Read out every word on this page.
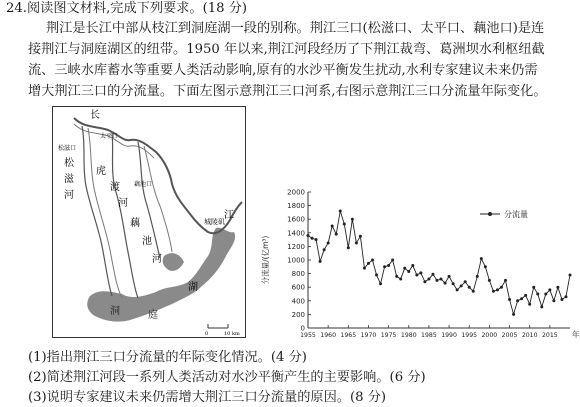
24.阅读图文材料,完成下列要求。(18 分)
荆江是长江中部从枝江到洞庭湖一段的别称。荆江三口(松滋口、太平口、藕池口)是连
接荆江与洞庭湖区的纽带。1950 年以来,荆江河段经历了下荆江裁弯、葛洲坝水利枢纽截
流、三峡水库蓄水等重要人类活动影响,原有的水沙平衡发生扰动,水利专家建议未来仍需
增大荆江三口的分流量。下面左图示意荆江三口河系,右图示意荆江三口分流量年际变化。
长
江
松滋口
太平口
藕池口
松
滋
河
虎
渡
河
藕
池
河
城陵矶
湖
洞	庭
0	10 km
0
200
400
600
800
1000
1200
1400
1600
1800
2000
1955 1960 1965 1970 1975 1980 1985 1990 1995 2000 2005 2010 2015 年
分流量/(亿m³)
分流量
(1)指出荆江三口分流量的年际变化情况。(4 分)
(2)简述荆江河段一系列人类活动对水沙平衡产生的主要影响。(6 分)
(3)说明专家建议未来仍需增大荆江三口分流量的原因。(8 分)
